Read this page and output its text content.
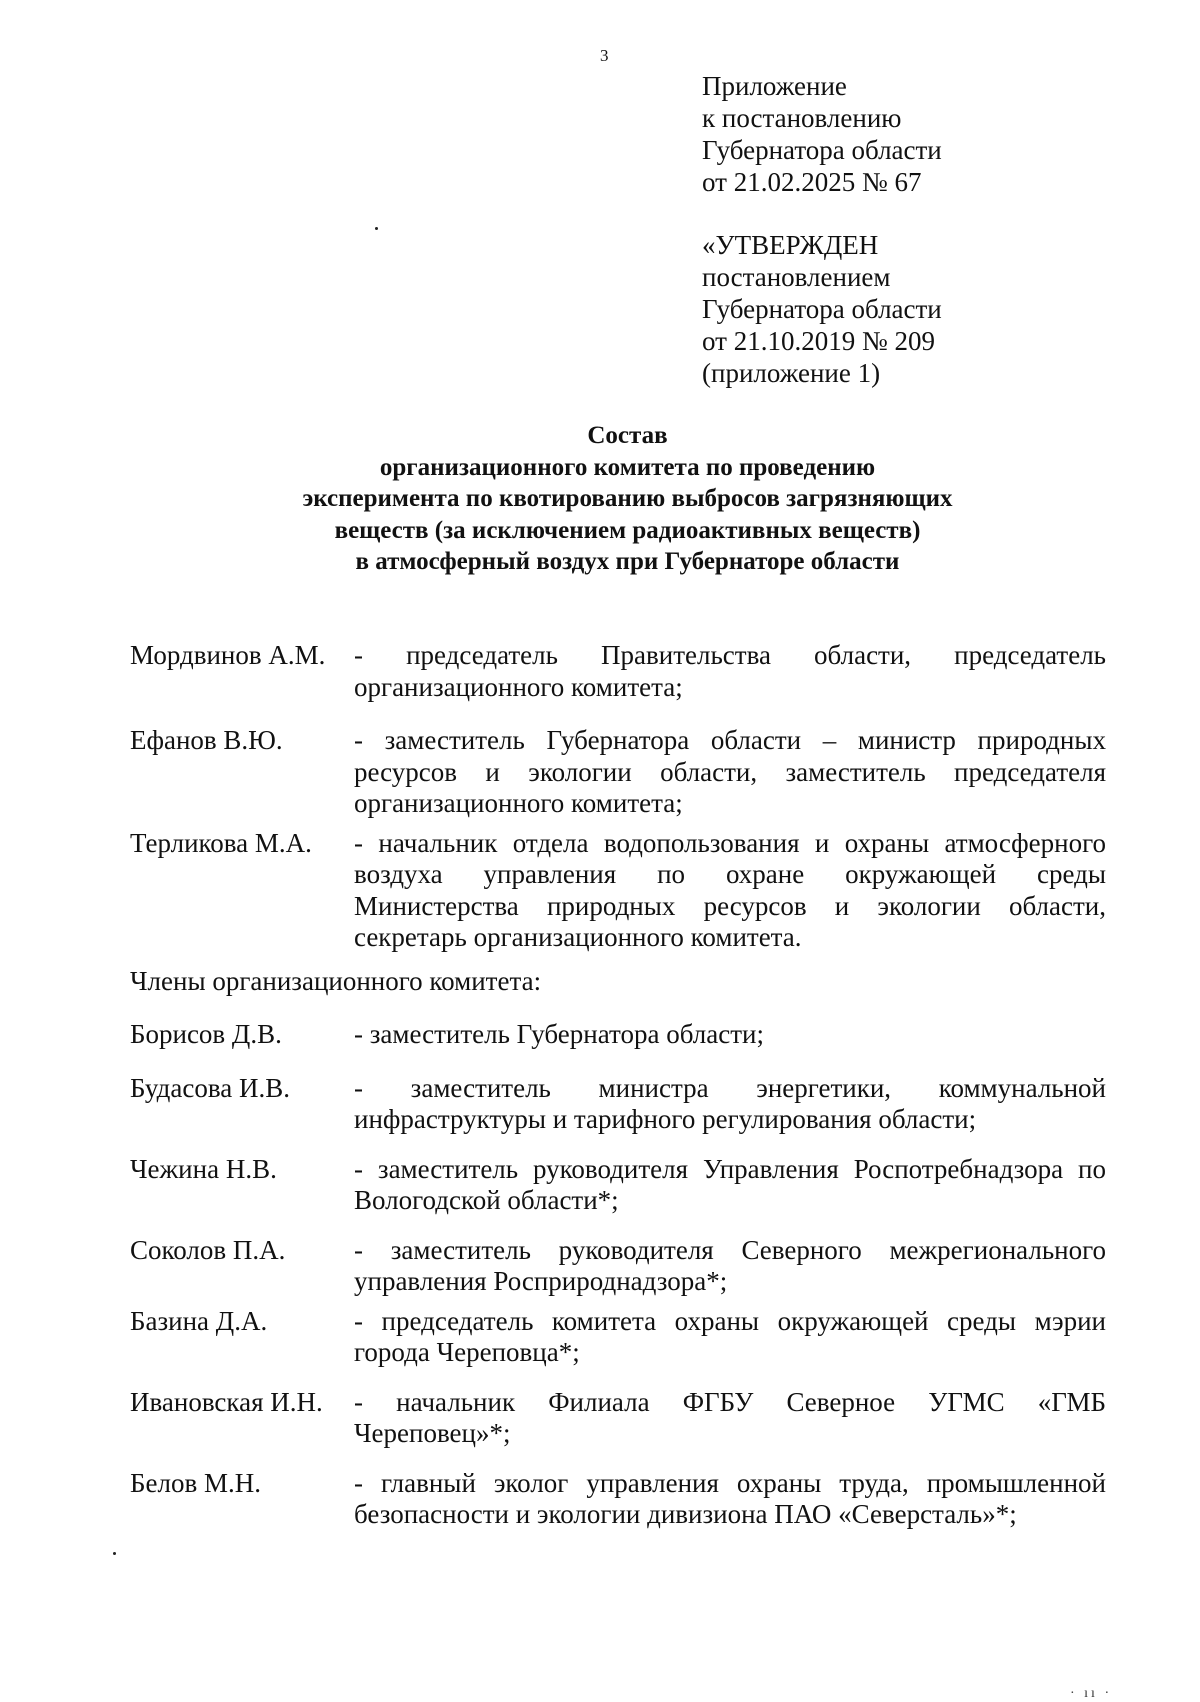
3
Приложение
к постановлению
Губернатора области
от 21.02.2025 № 67
«УТВЕРЖДЕН
постановлением
Губернатора области
от 21.10.2019 № 209
(приложение 1)
Состав
организационного комитета по проведению
эксперимента по квотированию выбросов загрязняющих
веществ (за исключением радиоактивных веществ)
в атмосферный воздух при Губернаторе области
Мордвинов А.М.	- председатель Правительства области, председатель организационного комитета;
Ефанов В.Ю.	- заместитель Губернатора области – министр природных ресурсов и экологии области, заместитель председателя организационного комитета;
Терликова М.А.	- начальник отдела водопользования и охраны атмосферного воздуха управления по охране окружающей среды Министерства природных ресурсов и экологии области, секретарь организационного комитета.
Члены организационного комитета:
Борисов Д.В.	- заместитель Губернатора области;
Будасова И.В.	- заместитель министра энергетики, коммунальной инфраструктуры и тарифного регулирования области;
Чежина Н.В.	- заместитель руководителя Управления Роспотребнадзора по Вологодской области*;
Соколов П.А.	- заместитель руководителя Северного межрегионального управления Росприроднадзора*;
Базина Д.А.	- председатель комитета охраны окружающей среды мэрии города Череповца*;
Ивановская И.Н.	- начальник Филиала ФГБУ Северное УГМС «ГМБ Череповец»*;
Белов М.Н.	- главный эколог управления охраны труда, промышленной безопасности и экологии дивизиона ПАО «Северсталь»*;
· ıı ·
